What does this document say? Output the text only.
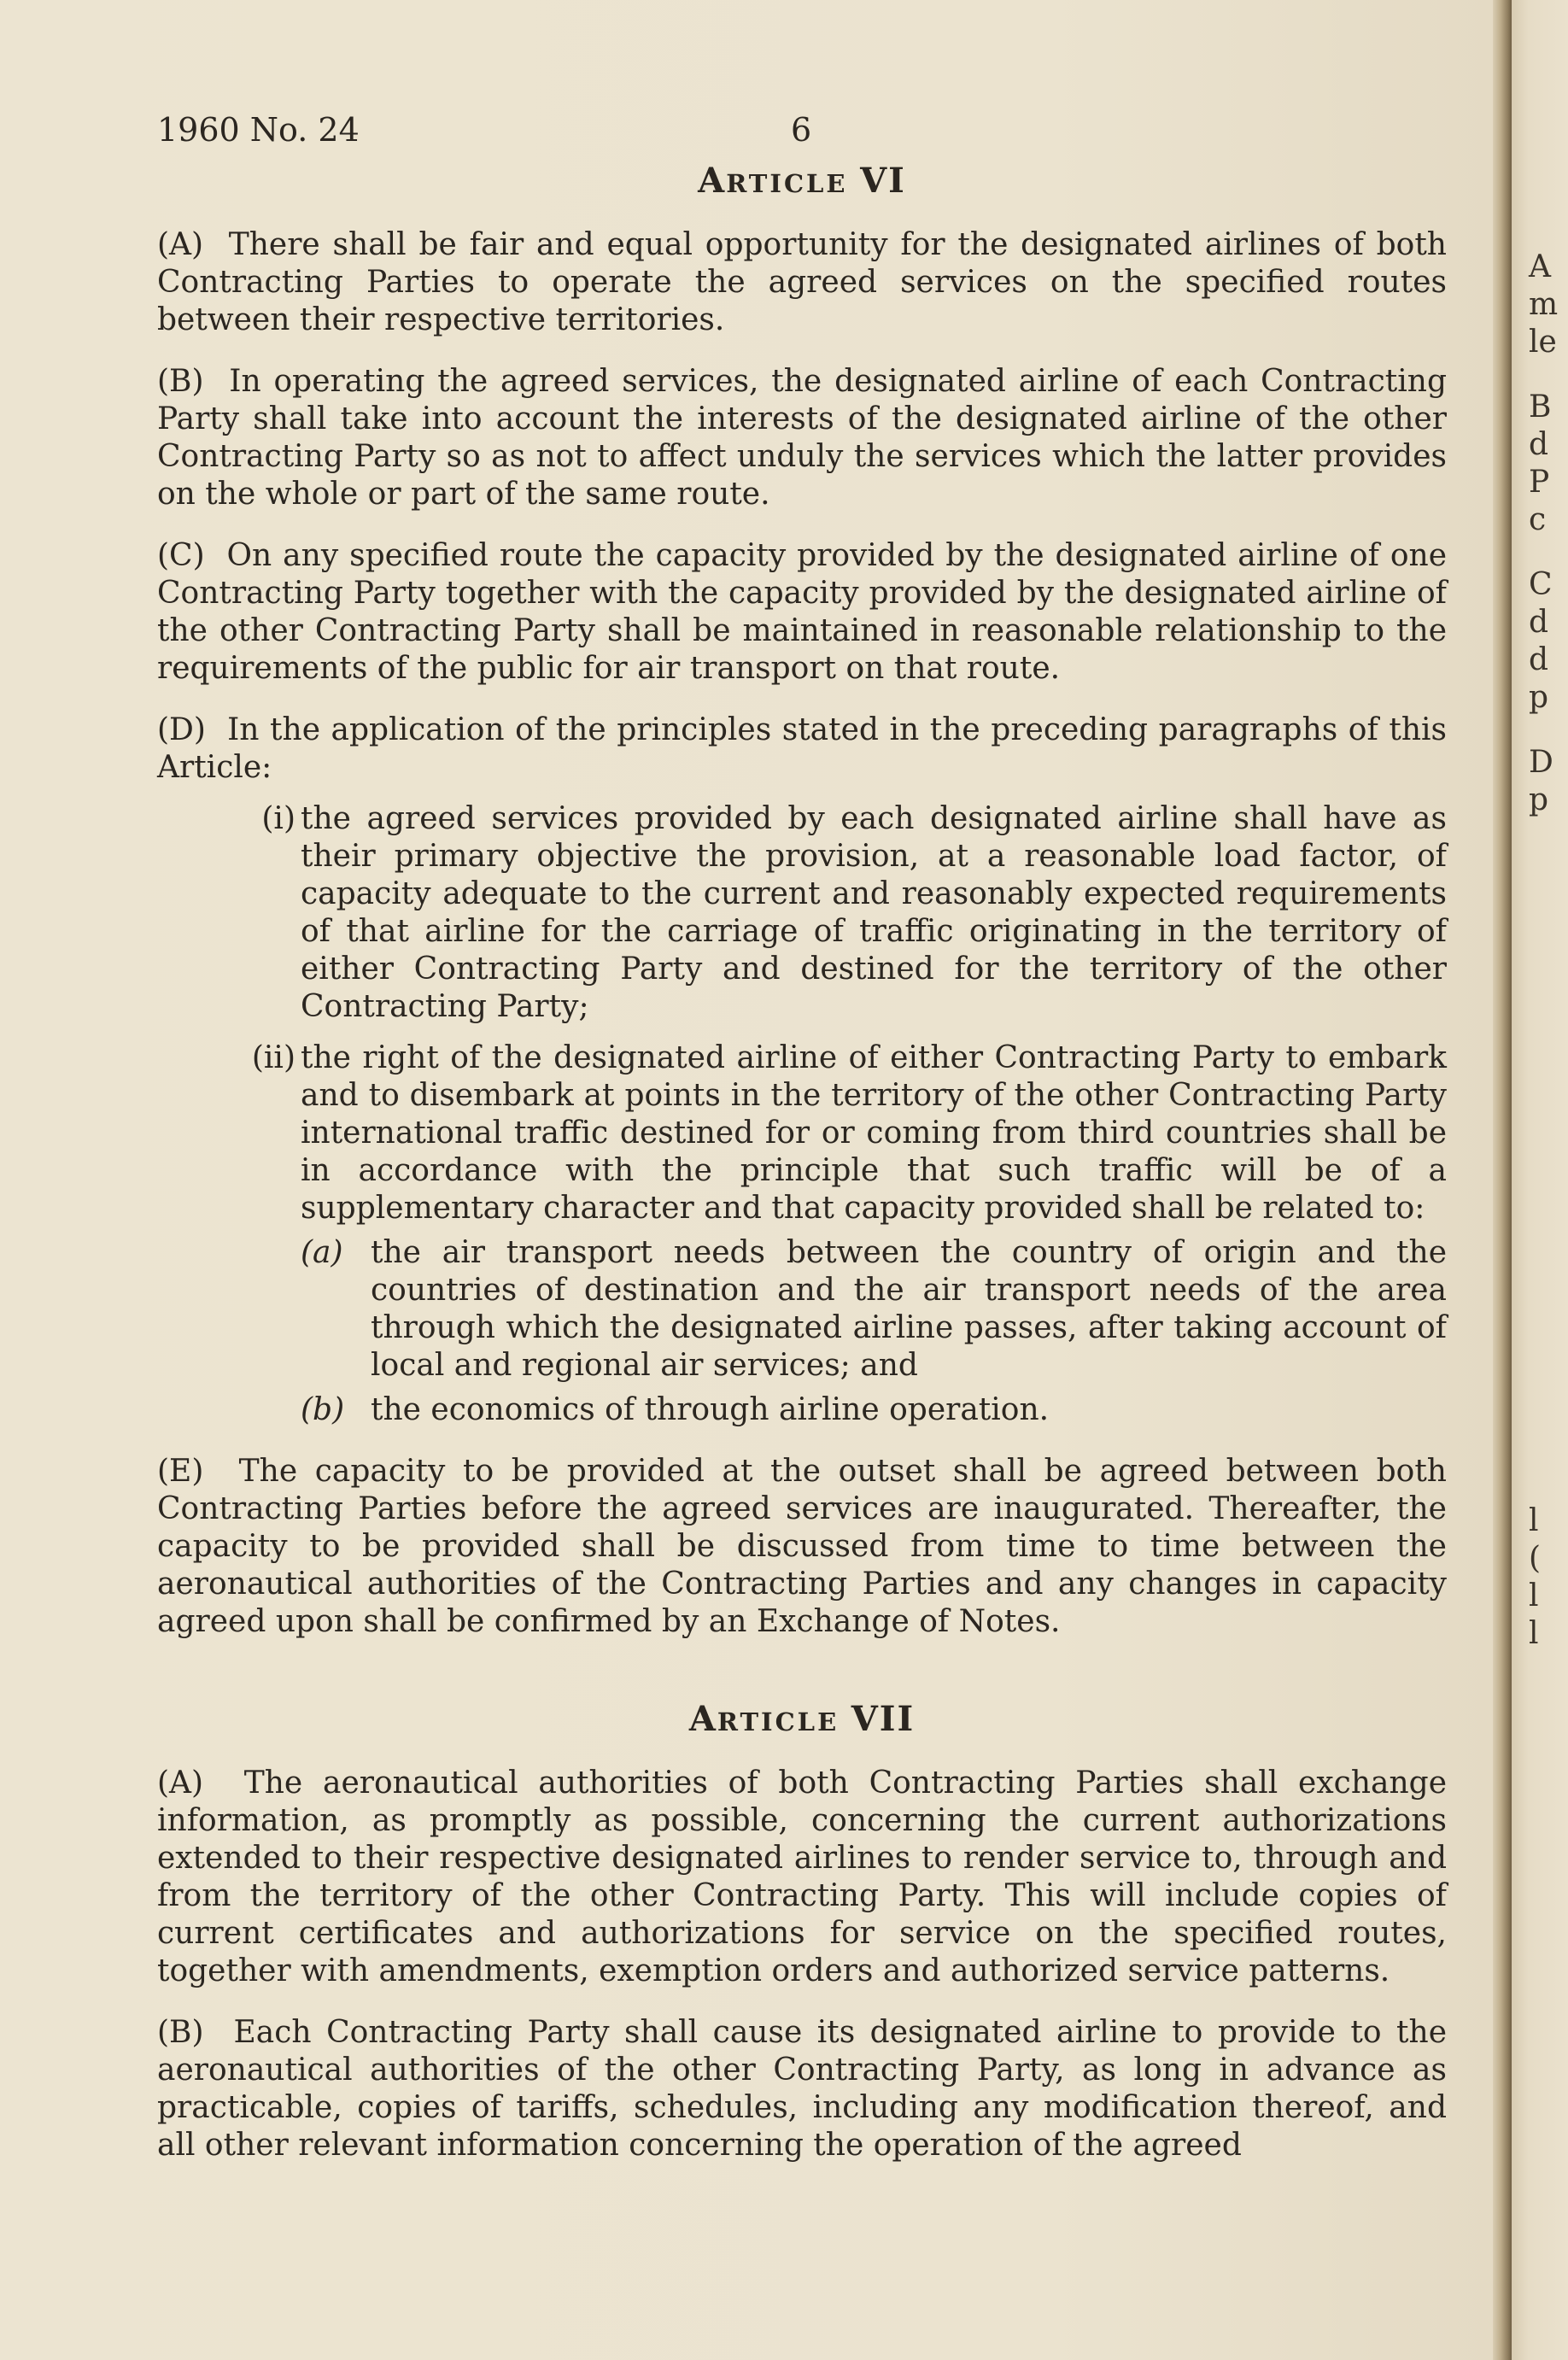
1960 No. 24	6
ARTICLE VI

(A) There shall be fair and equal opportunity for the designated airlines of both Contracting Parties to operate the agreed services on the specified routes between their respective territories.

(B) In operating the agreed services, the designated airline of each Contracting Party shall take into account the interests of the designated airline of the other Contracting Party so as not to affect unduly the services which the latter provides on the whole or part of the same route.

(C) On any specified route the capacity provided by the designated airline of one Contracting Party together with the capacity provided by the designated airline of the other Contracting Party shall be maintained in reasonable relationship to the requirements of the public for air transport on that route.

(D) In the application of the principles stated in the preceding paragraphs of this Article:

(i) the agreed services provided by each designated airline shall have as their primary objective the provision, at a reasonable load factor, of capacity adequate to the current and reasonably expected requirements of that airline for the carriage of traffic originating in the territory of either Contracting Party and destined for the territory of the other Contracting Party;
(ii) the right of the designated airline of either Contracting Party to embark and to disembark at points in the territory of the other Contracting Party international traffic destined for or coming from third countries shall be in accordance with the principle that such traffic will be of a supplementary character and that capacity provided shall be related to:
(a) the air transport needs between the country of origin and the countries of destination and the air transport needs of the area through which the designated airline passes, after taking account of local and regional air services; and
(b) the economics of through airline operation.

(E) The capacity to be provided at the outset shall be agreed between both Contracting Parties before the agreed services are inaugurated. Thereafter, the capacity to be provided shall be discussed from time to time between the aeronautical authorities of the Contracting Parties and any changes in capacity agreed upon shall be confirmed by an Exchange of Notes.

ARTICLE VII

(A) The aeronautical authorities of both Contracting Parties shall exchange information, as promptly as possible, concerning the current authorizations extended to their respective designated airlines to render service to, through and from the territory of the other Contracting Party. This will include copies of current certificates and authorizations for service on the specified routes, together with amendments, exemption orders and authorized service patterns.

(B) Each Contracting Party shall cause its designated airline to provide to the aeronautical authorities of the other Contracting Party, as long in advance as practicable, copies of tariffs, schedules, including any modification thereof, and all other relevant information concerning the operation of the agreed

A
m
le
B
d
P
c
C
d
d
p
D
p
l
(
l
l
